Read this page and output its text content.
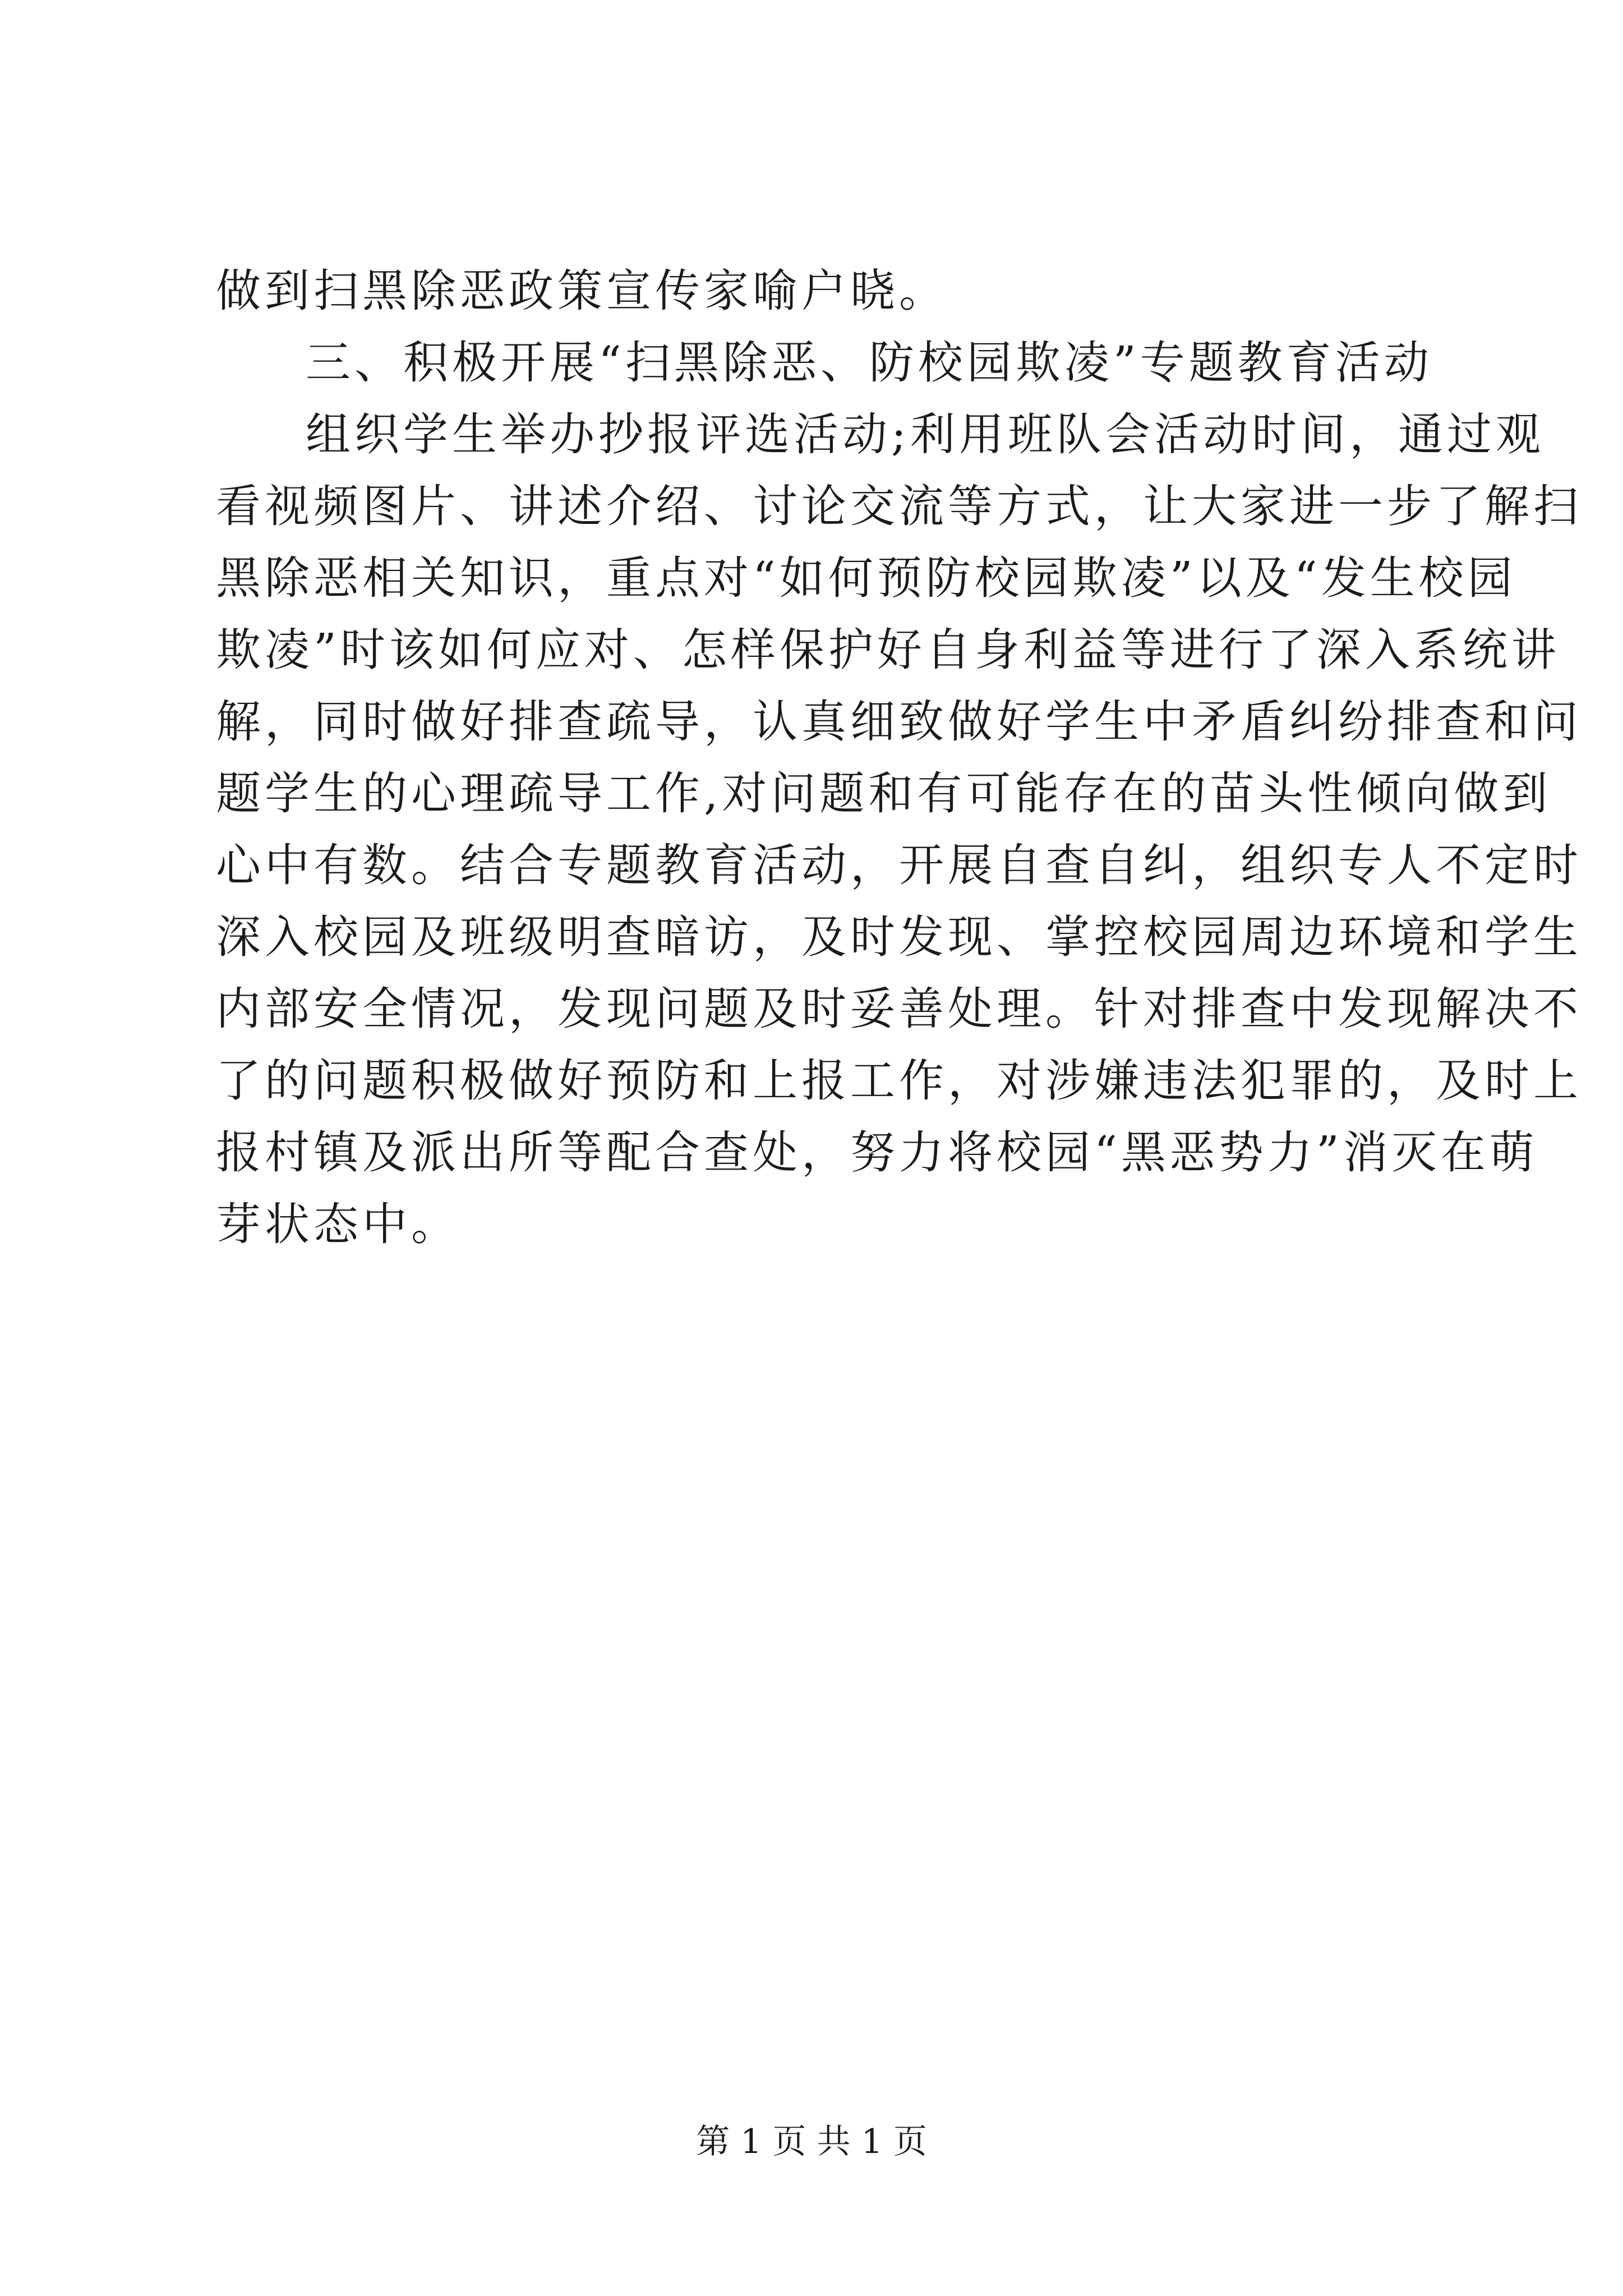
做到扫黑除恶政策宣传家喻户晓。
三、积极开展“扫黑除恶、防校园欺凌”专题教育活动
组织学生举办抄报评选活动;利用班队会活动时间，通过观
看视频图片、讲述介绍、讨论交流等方式，让大家进一步了解扫
黑除恶相关知识，重点对“如何预防校园欺凌”以及“发生校园
欺凌”时该如何应对、怎样保护好自身利益等进行了深入系统讲
解，同时做好排查疏导，认真细致做好学生中矛盾纠纷排查和问
题学生的心理疏导工作,对问题和有可能存在的苗头性倾向做到
心中有数。结合专题教育活动，开展自查自纠，组织专人不定时
深入校园及班级明查暗访，及时发现、掌控校园周边环境和学生
内部安全情况，发现问题及时妥善处理。针对排查中发现解决不
了的问题积极做好预防和上报工作，对涉嫌违法犯罪的，及时上
报村镇及派出所等配合查处，努力将校园“黑恶势力”消灭在萌
芽状态中。
第 1 页 共 1 页
